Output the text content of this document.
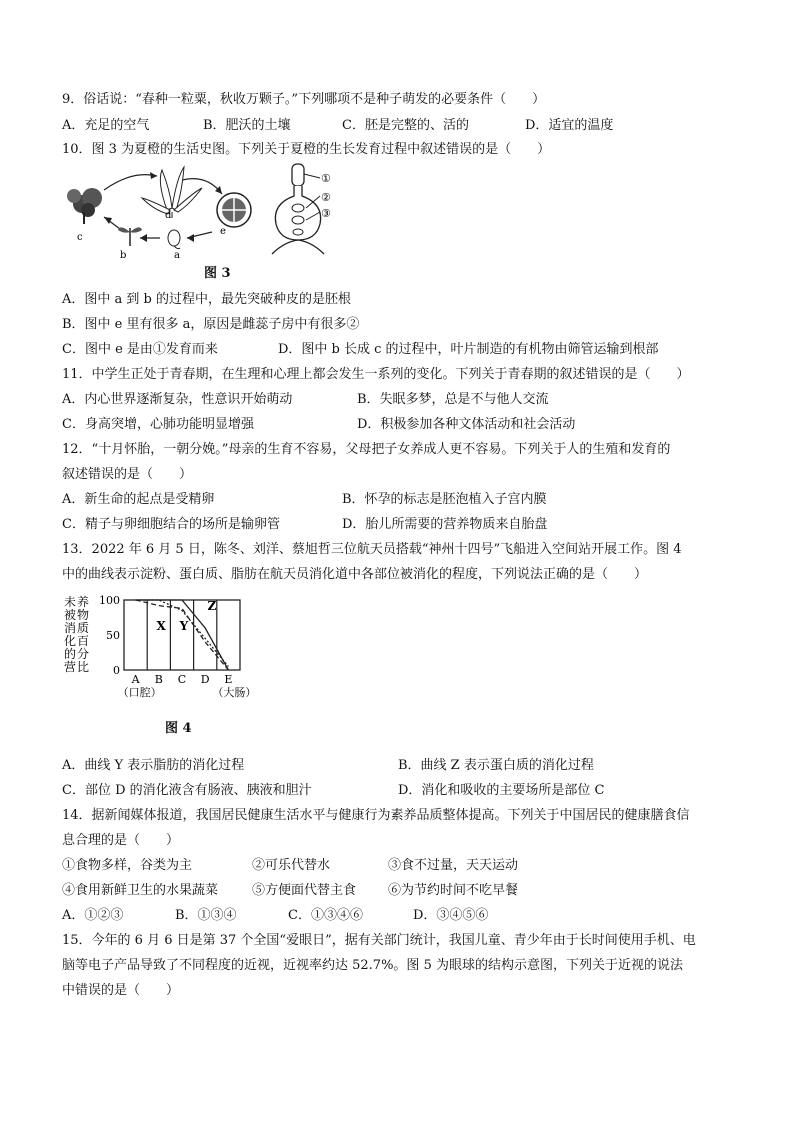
9．俗话说：“春种一粒粟，秋收万颗子。”下列哪项不是种子萌发的必要条件（　　）
A．充足的空气	B．肥沃的土壤	C．胚是完整的、活的	D．适宜的温度
10．图 3 为夏橙的生活史图。下列关于夏橙的生长发育过程中叙述错误的是（　　）
c
d
e
a
b
①
②
③
图 3
A．图中 a 到 b 的过程中，最先突破种皮的是胚根
B．图中 e 里有很多 a，原因是雌蕊子房中有很多②
C．图中 e 是由①发育而来	D．图中 b 长成 c 的过程中，叶片制造的有机物由筛管运输到根部
11．中学生正处于青春期，在生理和心理上都会发生一系列的变化。下列关于青春期的叙述错误的是（　　）
A．内心世界逐渐复杂，性意识开始萌动	B．失眠多梦，总是不与他人交流
C．身高突增，心肺功能明显增强	D．积极参加各种文体活动和社会活动
12．“十月怀胎，一朝分娩。”母亲的生育不容易，父母把子女养成人更不容易。下列关于人的生殖和发育的
叙述错误的是（　　）
A．新生命的起点是受精卵	B．怀孕的标志是胚泡植入子宫内膜
C．精子与卵细胞结合的场所是输卵管	D．胎儿所需要的营养物质来自胎盘
13．2022 年 6 月 5 日，陈冬、刘洋、蔡旭哲三位航天员搭载“神州十四号”飞船进入空间站开展工作。图 4
未
被
消
化
的
营
养
物
质
百
分
比
100
50
0
A
（口腔）
B C D E
（大肠）
X Y
Z
图 4
A．曲线 Y 表示脂肪的消化过程	B．曲线 Z 表示蛋白质的消化过程
C．部位 D 的消化液含有肠液、胰液和胆汁	D．消化和吸收的主要场所是部位 C
14．据新闻媒体报道，我国居民健康生活水平与健康行为素养品质整体提高。下列关于中国居民的健康膳食信
息合理的是（　　）
①食物多样，谷类为主	②可乐代替水	③食不过量，天天运动
④食用新鲜卫生的水果蔬菜	⑤方便面代替主食 ⑥为节约时间不吃早餐
A．①②③	B．①③④	C．①③④⑥	D．③④⑤⑥
15．今年的 6 月 6 日是第 37 个全国“爱眼日”，据有关部门统计，我国儿童、青少年由于长时间使用手机、电
脑等电子产品导致了不同程度的近视，近视率约达 52.7%。图 5 为眼球的结构示意图，下列关于近视的说法
中错误的是（　　）
中的曲线表示淀粉、蛋白质、脂肪在航天员消化道中各部位被消化的程度，下列说法正确的是（　　）
